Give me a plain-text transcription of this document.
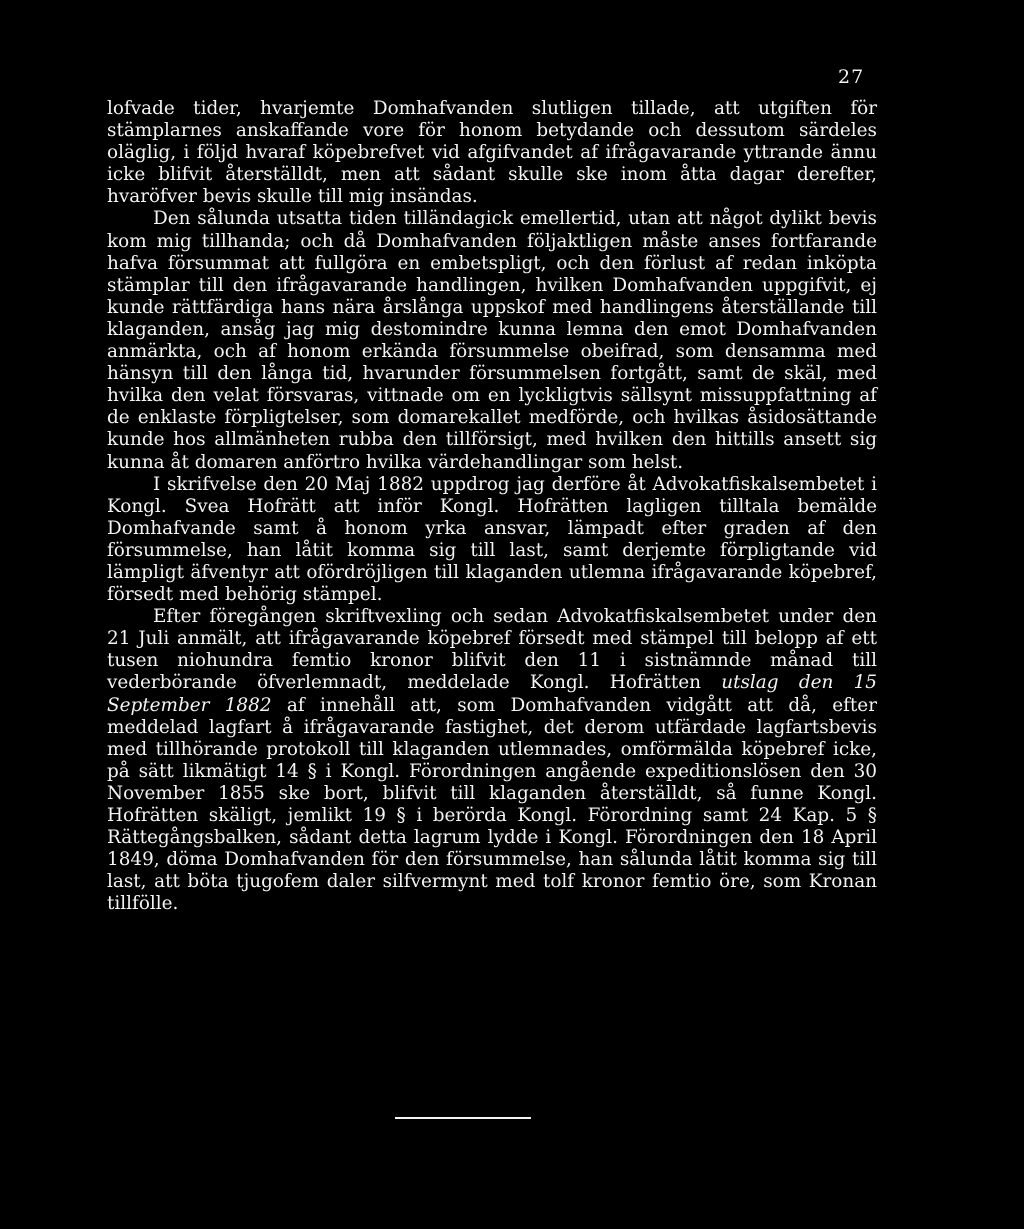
27

lofvade tider, hvarjemte Domhafvanden slutligen tillade, att utgiften för stämplarnes anskaffande vore för honom betydande och dessutom särdeles oläglig, i följd hvaraf köpebrefvet vid afgifvandet af ifrågavarande yttrande ännu icke blifvit återställdt, men att sådant skulle ske inom åtta dagar derefter, hvaröfver bevis skulle till mig insändas.

Den sålunda utsatta tiden tilländagick emellertid, utan att något dylikt bevis kom mig tillhanda; och då Domhafvanden följaktligen måste anses fortfarande hafva försummat att fullgöra en embetspligt, och den förlust af redan inköpta stämplar till den ifrågavarande handlingen, hvilken Domhafvanden uppgifvit, ej kunde rättfärdiga hans nära årslånga uppskof med handlingens återställande till klaganden, ansåg jag mig destomindre kunna lemna den emot Domhafvanden anmärkta, och af honom erkända försummelse obeifrad, som densamma med hänsyn till den långa tid, hvarunder försummelsen fortgått, samt de skäl, med hvilka den velat försvaras, vittnade om en lyckligtvis sällsynt missuppfattning af de enklaste förpligtelser, som domarekallet medförde, och hvilkas åsidosättande kunde hos allmänheten rubba den tillförsigt, med hvilken den hittills ansett sig kunna åt domaren anförtro hvilka värdehandlingar som helst.

I skrifvelse den 20 Maj 1882 uppdrog jag derföre åt Advokatfiskalsembetet i Kongl. Svea Hofrätt att inför Kongl. Hofrätten lagligen tilltala bemälde Domhafvande samt å honom yrka ansvar, lämpadt efter graden af den försummelse, han låtit komma sig till last, samt derjemte förpligtande vid lämpligt äfventyr att ofördröjligen till klaganden utlemna ifrågavarande köpebref, försedt med behörig stämpel.

Efter föregången skriftvexling och sedan Advokatfiskalsembetet under den 21 Juli anmält, att ifrågavarande köpebref försedt med stämpel till belopp af ett tusen niohundra femtio kronor blifvit den 11 i sistnämnde månad till vederbörande öfverlemnadt, meddelade Kongl. Hofrätten utslag den 15 September 1882 af innehåll att, som Domhafvanden vidgått att då, efter meddelad lagfart å ifrågavarande fastighet, det derom utfärdade lagfartsbevis med tillhörande protokoll till klaganden utlemnades, omförmälda köpebref icke, på sätt likmätigt 14 § i Kongl. Förordningen angående expeditionslösen den 30 November 1855 ske bort, blifvit till klaganden återställdt, så funne Kongl. Hofrätten skäligt, jemlikt 19 § i berörda Kongl. Förordning samt 24 Kap. 5 § Rättegångsbalken, sådant detta lagrum lydde i Kongl. Förordningen den 18 April 1849, döma Domhafvanden för den försummelse, han sålunda låtit komma sig till last, att böta tjugofem daler silfvermynt med tolf kronor femtio öre, som Kronan tillfölle.
